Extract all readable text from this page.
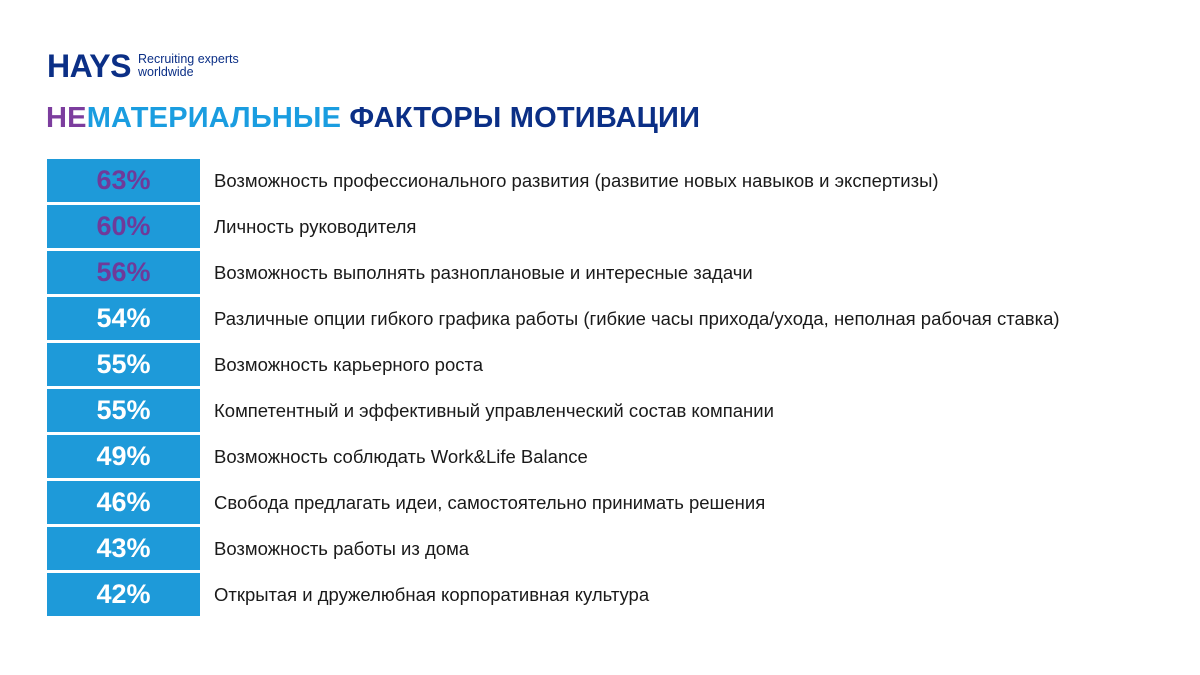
HAYS Recruiting experts
worldwide
НЕМАТЕРИАЛЬНЫЕ ФАКТОРЫ МОТИВАЦИИ
63%	Возможность профессионального развития (развитие новых навыков и экспертизы)
60%	Личность руководителя
56%	Возможность выполнять разноплановые и интересные задачи
54%	Различные опции гибкого графика работы (гибкие часы прихода/ухода, неполная рабочая ставка)
55%	Возможность карьерного роста
55%	Компетентный и эффективный управленческий состав компании
49%	Возможность соблюдать Work&Life Balance
46%	Свобода предлагать идеи, самостоятельно принимать решения
43%	Возможность работы из дома
42%	Открытая и дружелюбная корпоративная культура
